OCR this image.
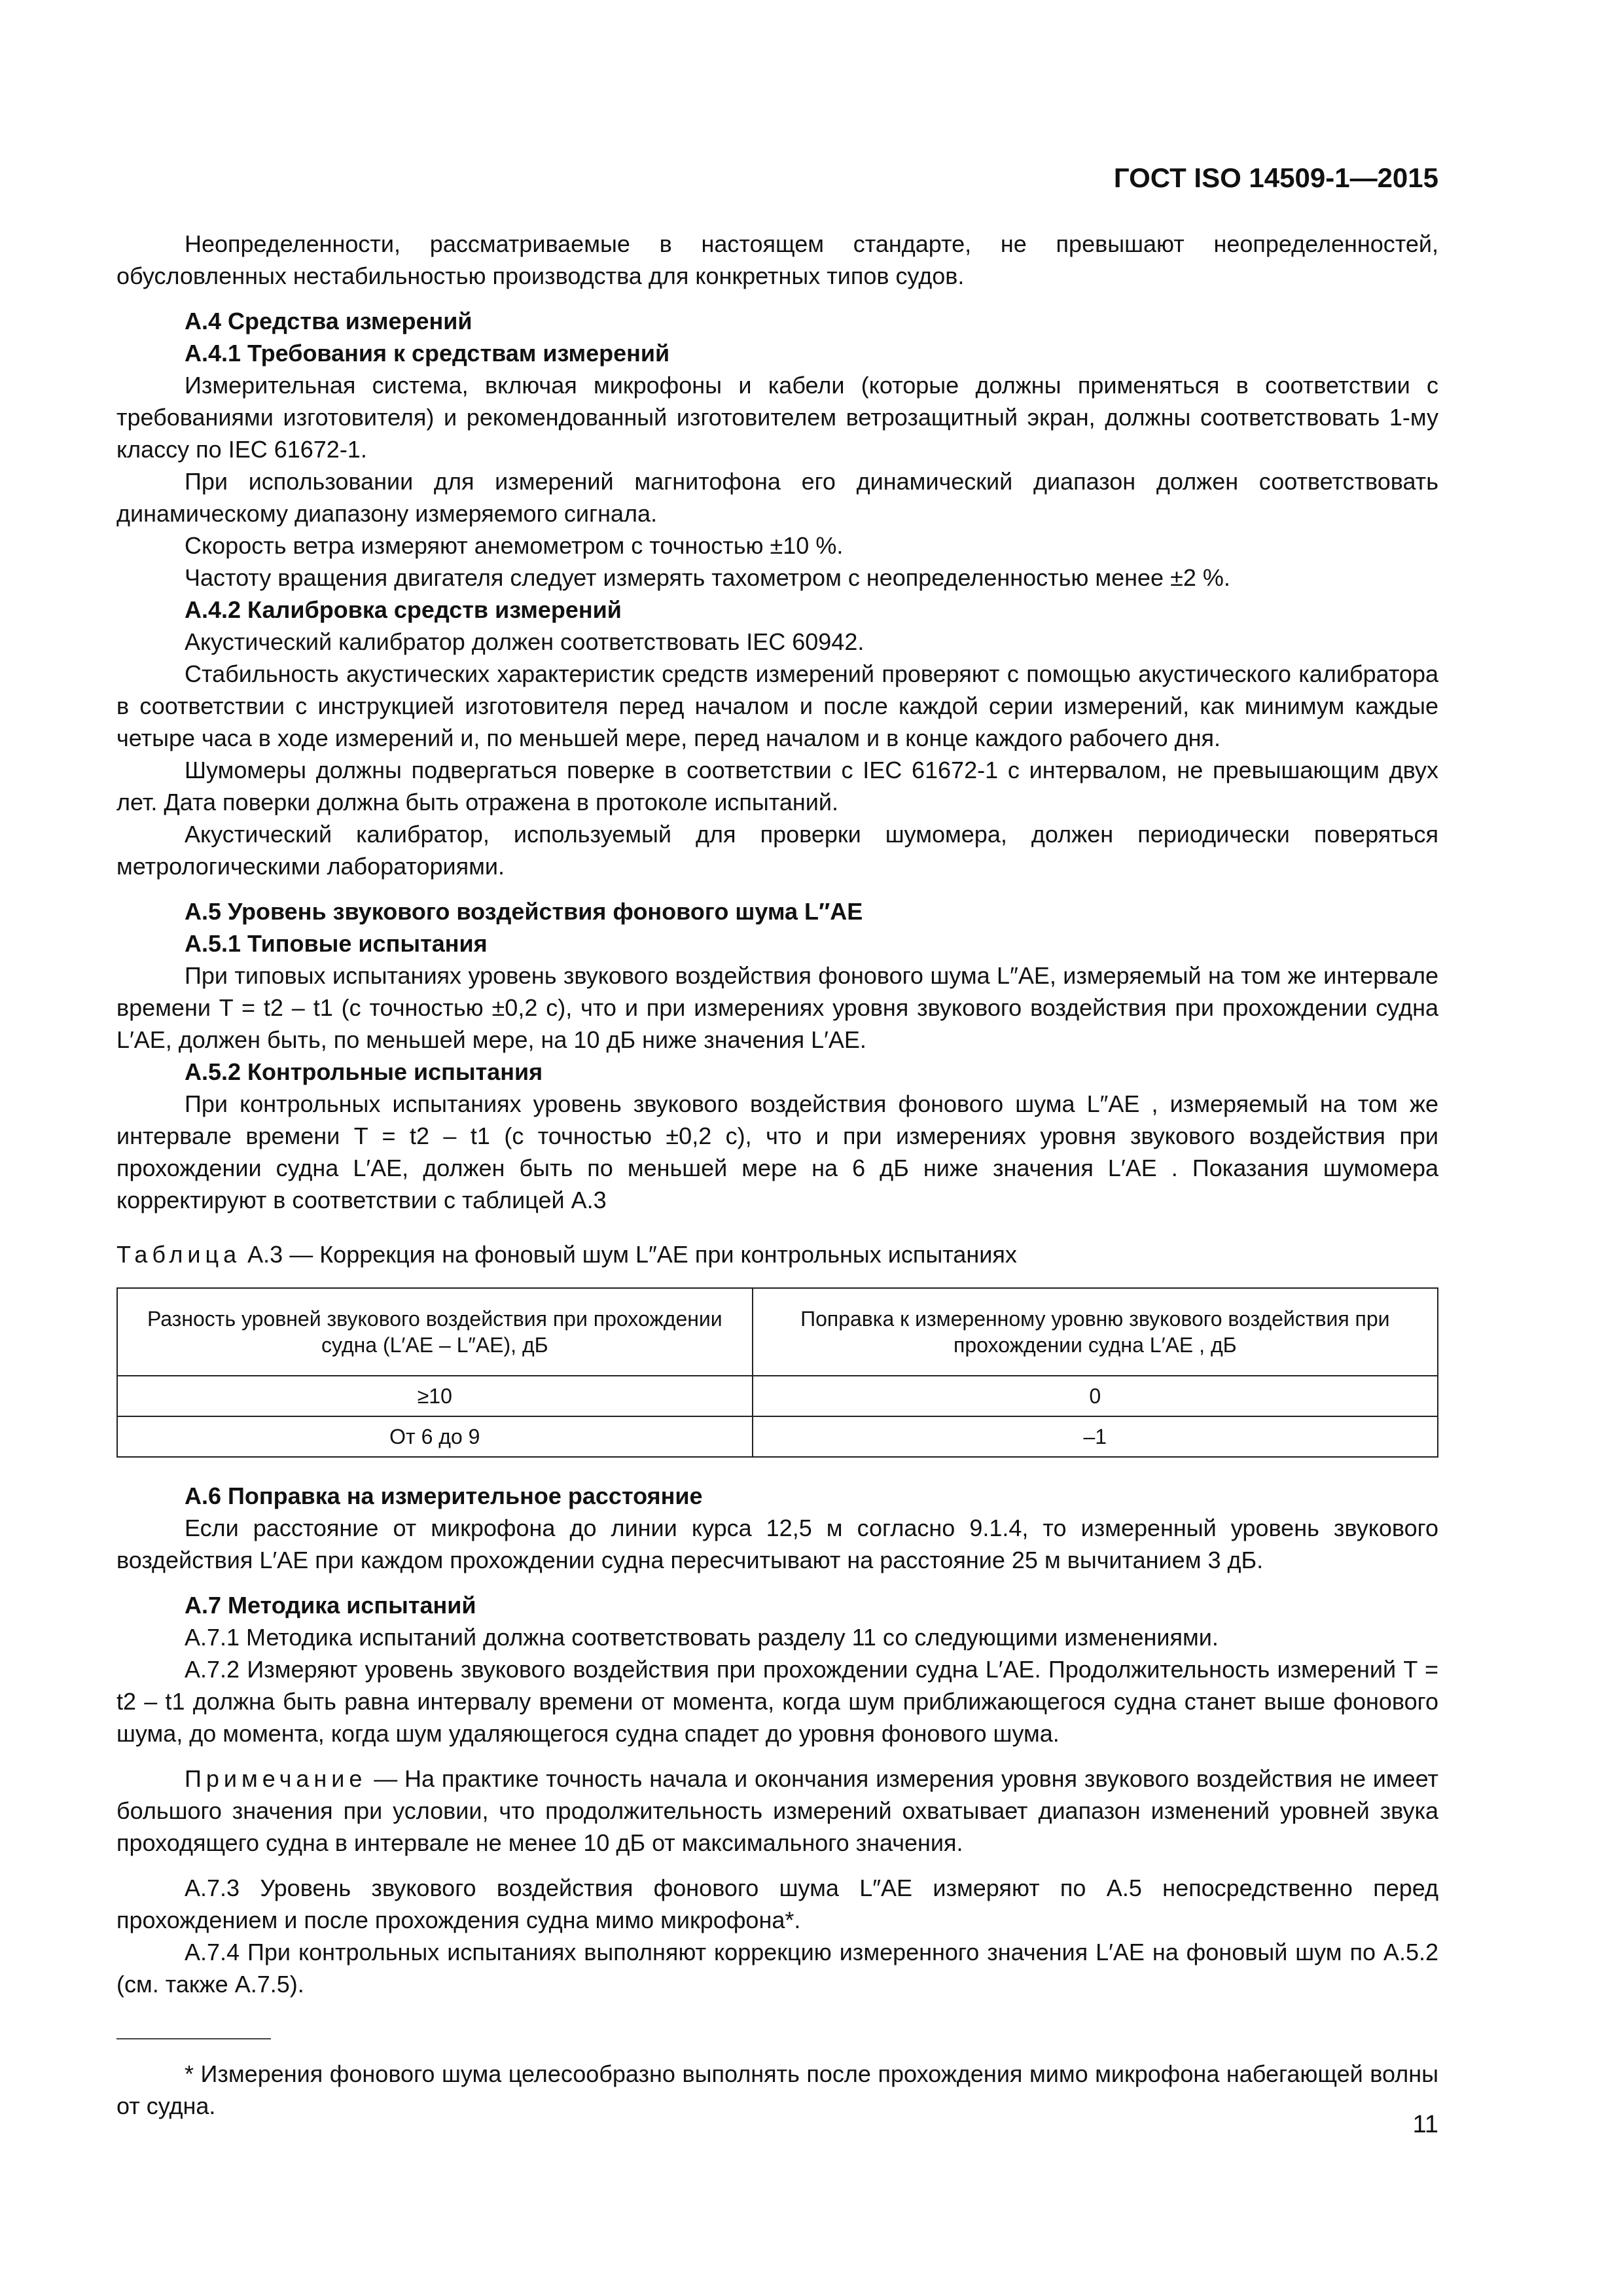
ГОСТ ISO 14509-1—2015

Неопределенности, рассматриваемые в настоящем стандарте, не превышают неопределенностей, обусловленных нестабильностью производства для конкретных типов судов.

А.4 Средства измерений

А.4.1 Требования к средствам измерений

Измерительная система, включая микрофоны и кабели (которые должны применяться в соответствии с требованиями изготовителя) и рекомендованный изготовителем ветрозащитный экран, должны соответствовать 1-му классу по IEC 61672-1.

При использовании для измерений магнитофона его динамический диапазон должен соответствовать динамическому диапазону измеряемого сигнала.

Скорость ветра измеряют анемометром с точностью ±10 %.

Частоту вращения двигателя следует измерять тахометром с неопределенностью менее ±2 %.

А.4.2 Калибровка средств измерений

Акустический калибратор должен соответствовать IEC 60942.

Стабильность акустических характеристик средств измерений проверяют с помощью акустического калибратора в соответствии с инструкцией изготовителя перед началом и после каждой серии измерений, как минимум каждые четыре часа в ходе измерений и, по меньшей мере, перед началом и в конце каждого рабочего дня.

Шумомеры должны подвергаться поверке в соответствии с IEC 61672-1 с интервалом, не превышающим двух лет. Дата поверки должна быть отражена в протоколе испытаний.

Акустический калибратор, используемый для проверки шумомера, должен периодически поверяться метрологическими лабораториями.

А.5 Уровень звукового воздействия фонового шума L″AE

А.5.1 Типовые испытания

При типовых испытаниях уровень звукового воздействия фонового шума L″AE, измеряемый на том же интервале времени T = t2 – t1 (с точностью ±0,2 с), что и при измерениях уровня звукового воздействия при прохождении судна L′AE, должен быть, по меньшей мере, на 10 дБ ниже значения L′AE.

А.5.2 Контрольные испытания

При контрольных испытаниях уровень звукового воздействия фонового шума L″AE , измеряемый на том же интервале времени T = t2 – t1 (с точностью ±0,2 с), что и при измерениях уровня звукового воздействия при прохождении судна L′AE, должен быть по меньшей мере на 6 дБ ниже значения L′AE . Показания шумомера корректируют в соответствии с таблицей А.3

Таблица А.3 — Коррекция на фоновый шум L″AE при контрольных испытаниях

Разность уровней звукового воздействия при прохождении судна (L′AE – L″AE), дБ	Поправка к измеренному уровню звукового воздействия при прохождении судна L′AE , дБ
≥10	0
От 6 до 9	–1

А.6 Поправка на измерительное расстояние

Если расстояние от микрофона до линии курса 12,5 м согласно 9.1.4, то измеренный уровень звукового воздействия L′AE при каждом прохождении судна пересчитывают на расстояние 25 м вычитанием 3 дБ.

А.7 Методика испытаний

А.7.1 Методика испытаний должна соответствовать разделу 11 со следующими изменениями.

А.7.2 Измеряют уровень звукового воздействия при прохождении судна L′AE. Продолжительность измерений T = t2 – t1 должна быть равна интервалу времени от момента, когда шум приближающегося судна станет выше фонового шума, до момента, когда шум удаляющегося судна спадет до уровня фонового шума.

Примечание — На практике точность начала и окончания измерения уровня звукового воздействия не имеет большого значения при условии, что продолжительность измерений охватывает диапазон изменений уровней звука проходящего судна в интервале не менее 10 дБ от максимального значения.

А.7.3 Уровень звукового воздействия фонового шума L″AE измеряют по А.5 непосредственно перед прохождением и после прохождения судна мимо микрофона*.

А.7.4 При контрольных испытаниях выполняют коррекцию измеренного значения L′AE на фоновый шум по А.5.2 (см. также А.7.5).

* Измерения фонового шума целесообразно выполнять после прохождения мимо микрофона набегающей волны от судна.

11
